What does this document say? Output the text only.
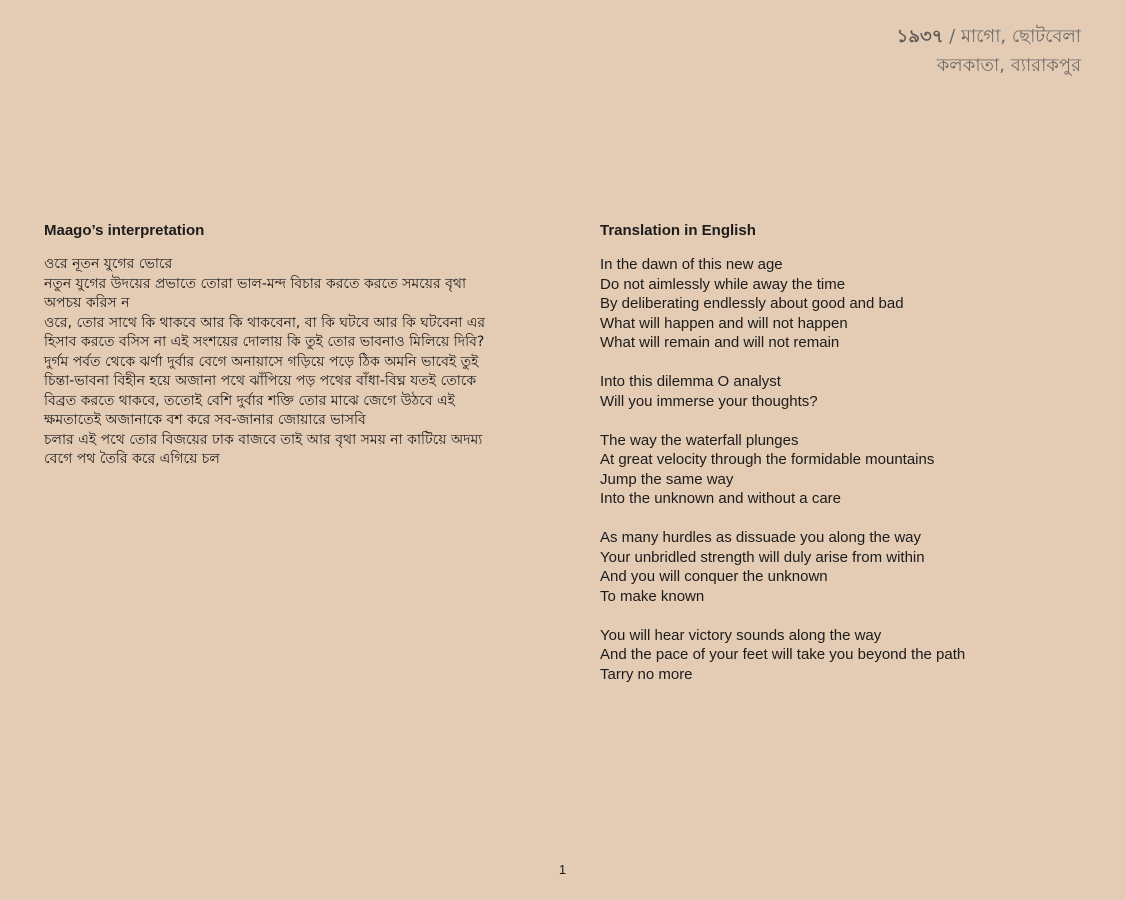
১৯৩৭ / মাগো, ছোটবেলা
কলকাতা, ব্যারাকপুর
Maago’s interpretation
ওরে নূতন যুগের ভোরে
নতুন যুগের উদয়ের প্রভাতে তোরা ভাল-মন্দ বিচার করতে করতে সময়ের বৃথা
অপচয় করিস ন
ওরে, তোর সাথে কি থাকবে আর কি থাকবেনা, বা কি ঘটবে আর কি ঘটবেনা এর
হিসাব করতে বসিস না এই সংশয়ের দোলায় কি তুই তোর ভাবনাও মিলিয়ে দিবি?
দুর্গম পর্বত থেকে ঝর্ণা দুর্বার বেগে অনায়াসে গড়িয়ে পড়ে ঠিক অমনি ভাবেই তুই
চিন্তা-ভাবনা বিহীন হয়ে অজানা পথে ঝাঁপিয়ে পড় পথের বাঁধা-বিঘ্ন যতই তোকে
বিব্রত করতে থাকবে, ততোই বেশি দুর্বার শক্তি তোর মাঝে জেগে উঠবে এই
ক্ষমতাতেই অজানাকে বশ করে সব-জানার জোয়ারে ভাসবি
চলার এই পথে তোর বিজয়ের ঢাক বাজবে তাই আর বৃথা সময় না কাটিয়ে অদম্য
বেগে পথ তৈরি করে এগিয়ে চল
Translation in English
In the dawn of this new age
Do not aimlessly while away the time
By deliberating endlessly about good and bad
What will happen and will not happen
What will remain and will not remain
Into this dilemma O analyst
Will you immerse your thoughts?
The way the waterfall plunges
At great velocity through the formidable mountains
Jump the same way
Into the unknown and without a care
As many hurdles as dissuade you along the way
Your unbridled strength will duly arise from within
And you will conquer the unknown
To make known
You will hear victory sounds along the way
And the pace of your feet will take you beyond the path
Tarry no more
1
